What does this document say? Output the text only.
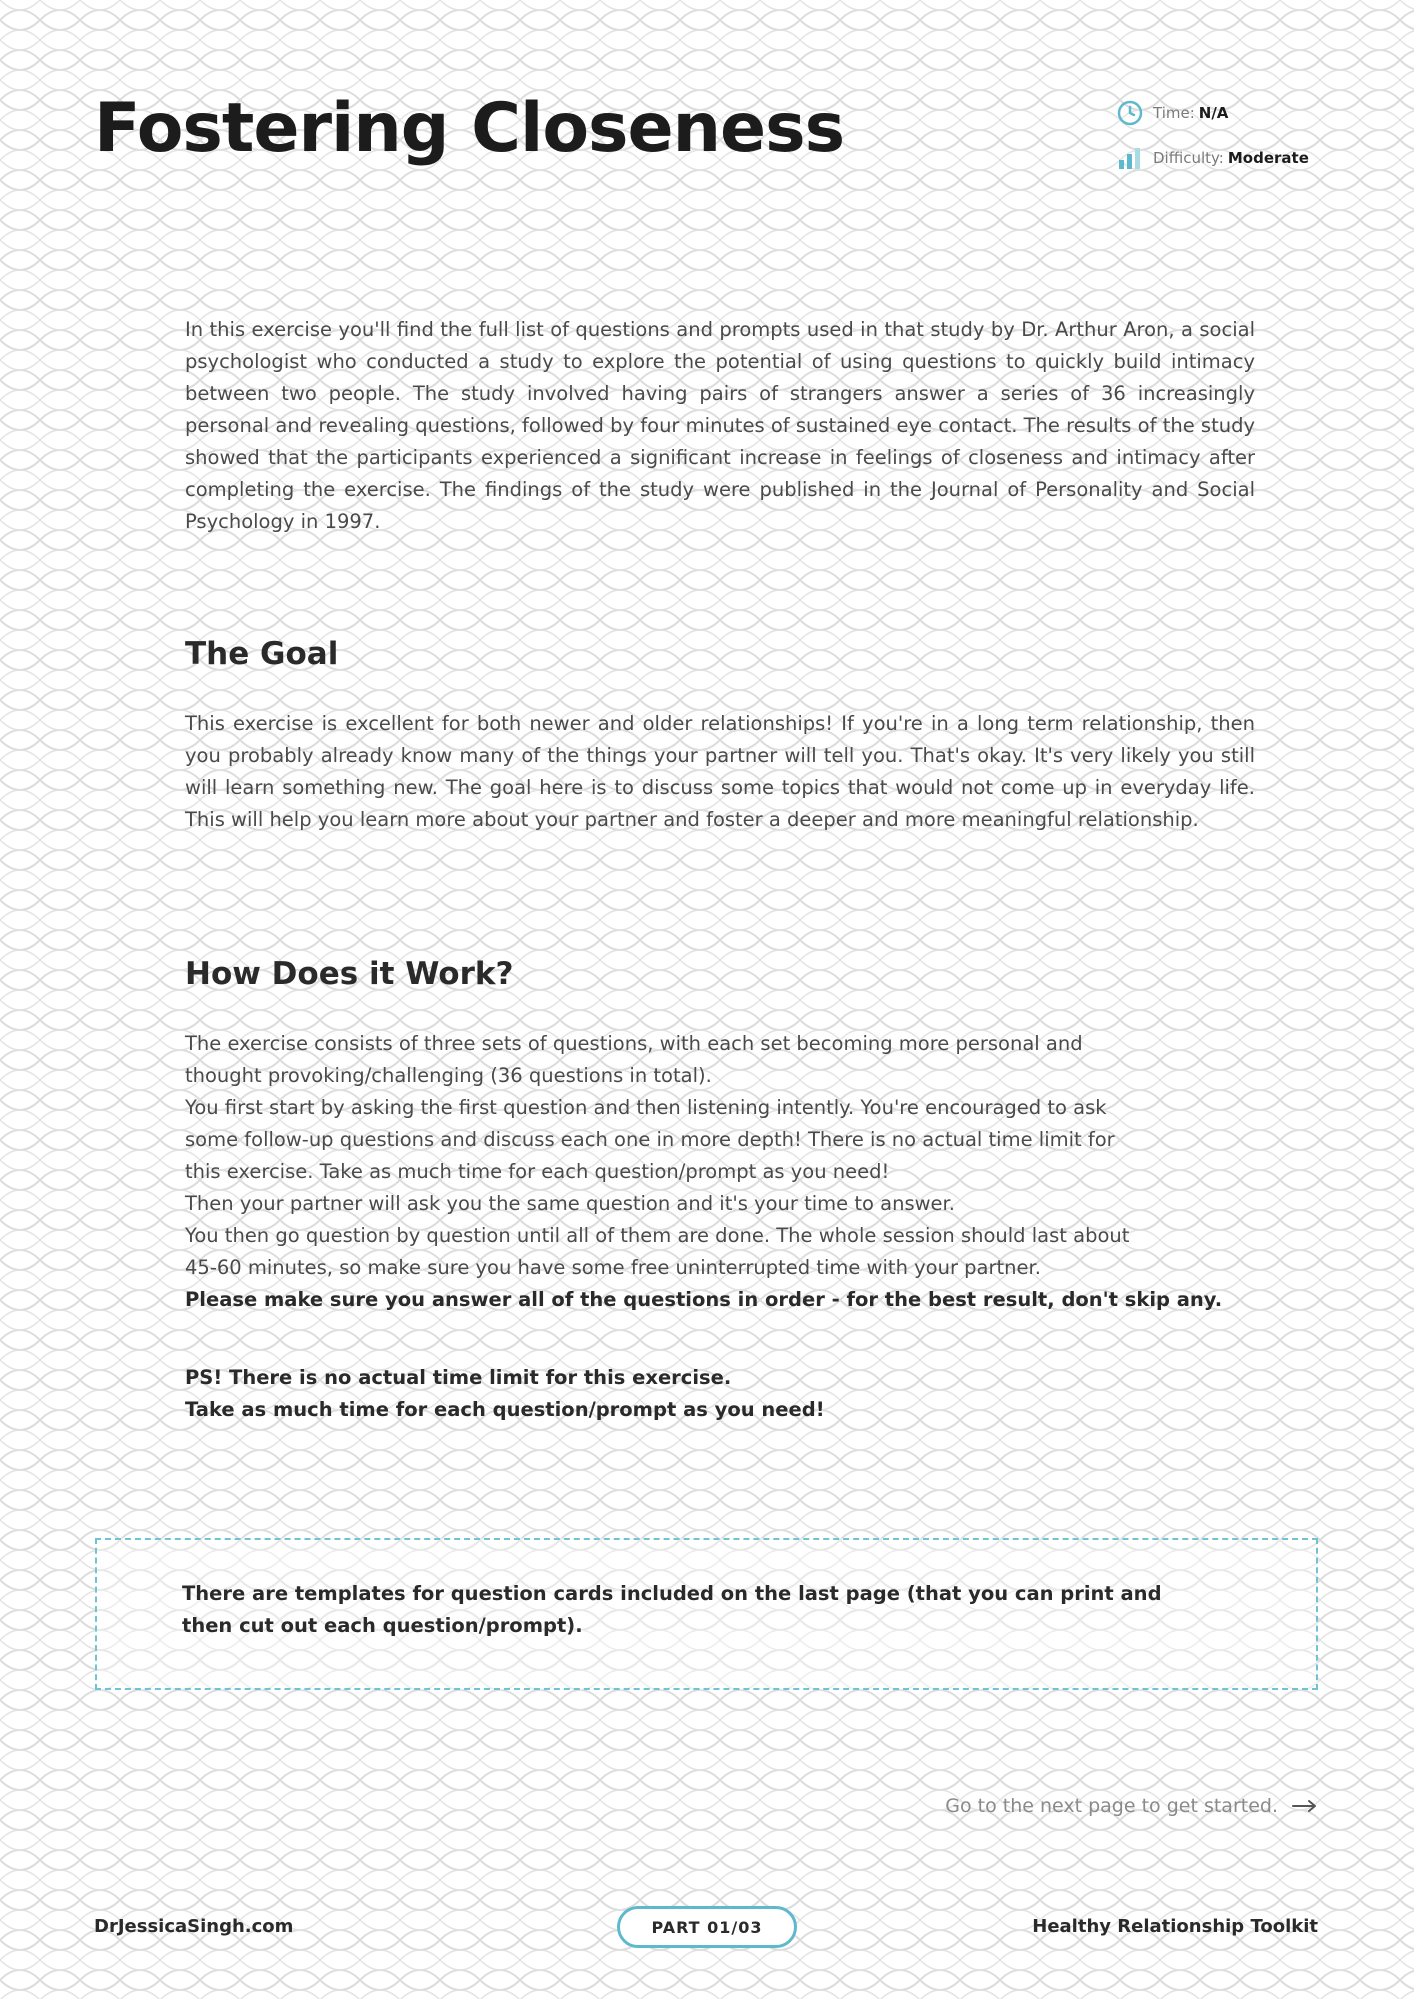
Fostering Closeness	Time: N/A
Difficulty: Moderate

In this exercise you'll find the full list of questions and prompts used in that study by Dr. Arthur Aron, a social psychologist who conducted a study to explore the potential of using questions to quickly build intimacy between two people. The study involved having pairs of strangers answer a series of 36 increasingly personal and revealing questions, followed by four minutes of sustained eye contact. The results of the study showed that the participants experienced a significant increase in feelings of closeness and intimacy after completing the exercise. The findings of the study were published in the Journal of Personality and Social Psychology in 1997.

The Goal

This exercise is excellent for both newer and older relationships! If you're in a long term relationship, then you probably already know many of the things your partner will tell you. That's okay. It's very likely you still will learn something new. The goal here is to discuss some topics that would not come up in everyday life. This will help you learn more about your partner and foster a deeper and more meaningful relationship.

How Does it Work?
The exercise consists of three sets of questions, with each set becoming more personal and
thought provoking/challenging (36 questions in total).
You first start by asking the first question and then listening intently. You're encouraged to ask
some follow-up questions and discuss each one in more depth! There is no actual time limit for
this exercise. Take as much time for each question/prompt as you need!
Then your partner will ask you the same question and it's your time to answer.
You then go question by question until all of them are done. The whole session should last about
45-60 minutes, so make sure you have some free uninterrupted time with your partner.
Please make sure you answer all of the questions in order - for the best result, don't skip any.
PS! There is no actual time limit for this exercise.
Take as much time for each question/prompt as you need!

There are templates for question cards included on the last page (that you can print and then cut out each question/prompt).

Go to the next page to get started.
DrJessicaSingh.com	PART 01/03	Healthy Relationship Toolkit
